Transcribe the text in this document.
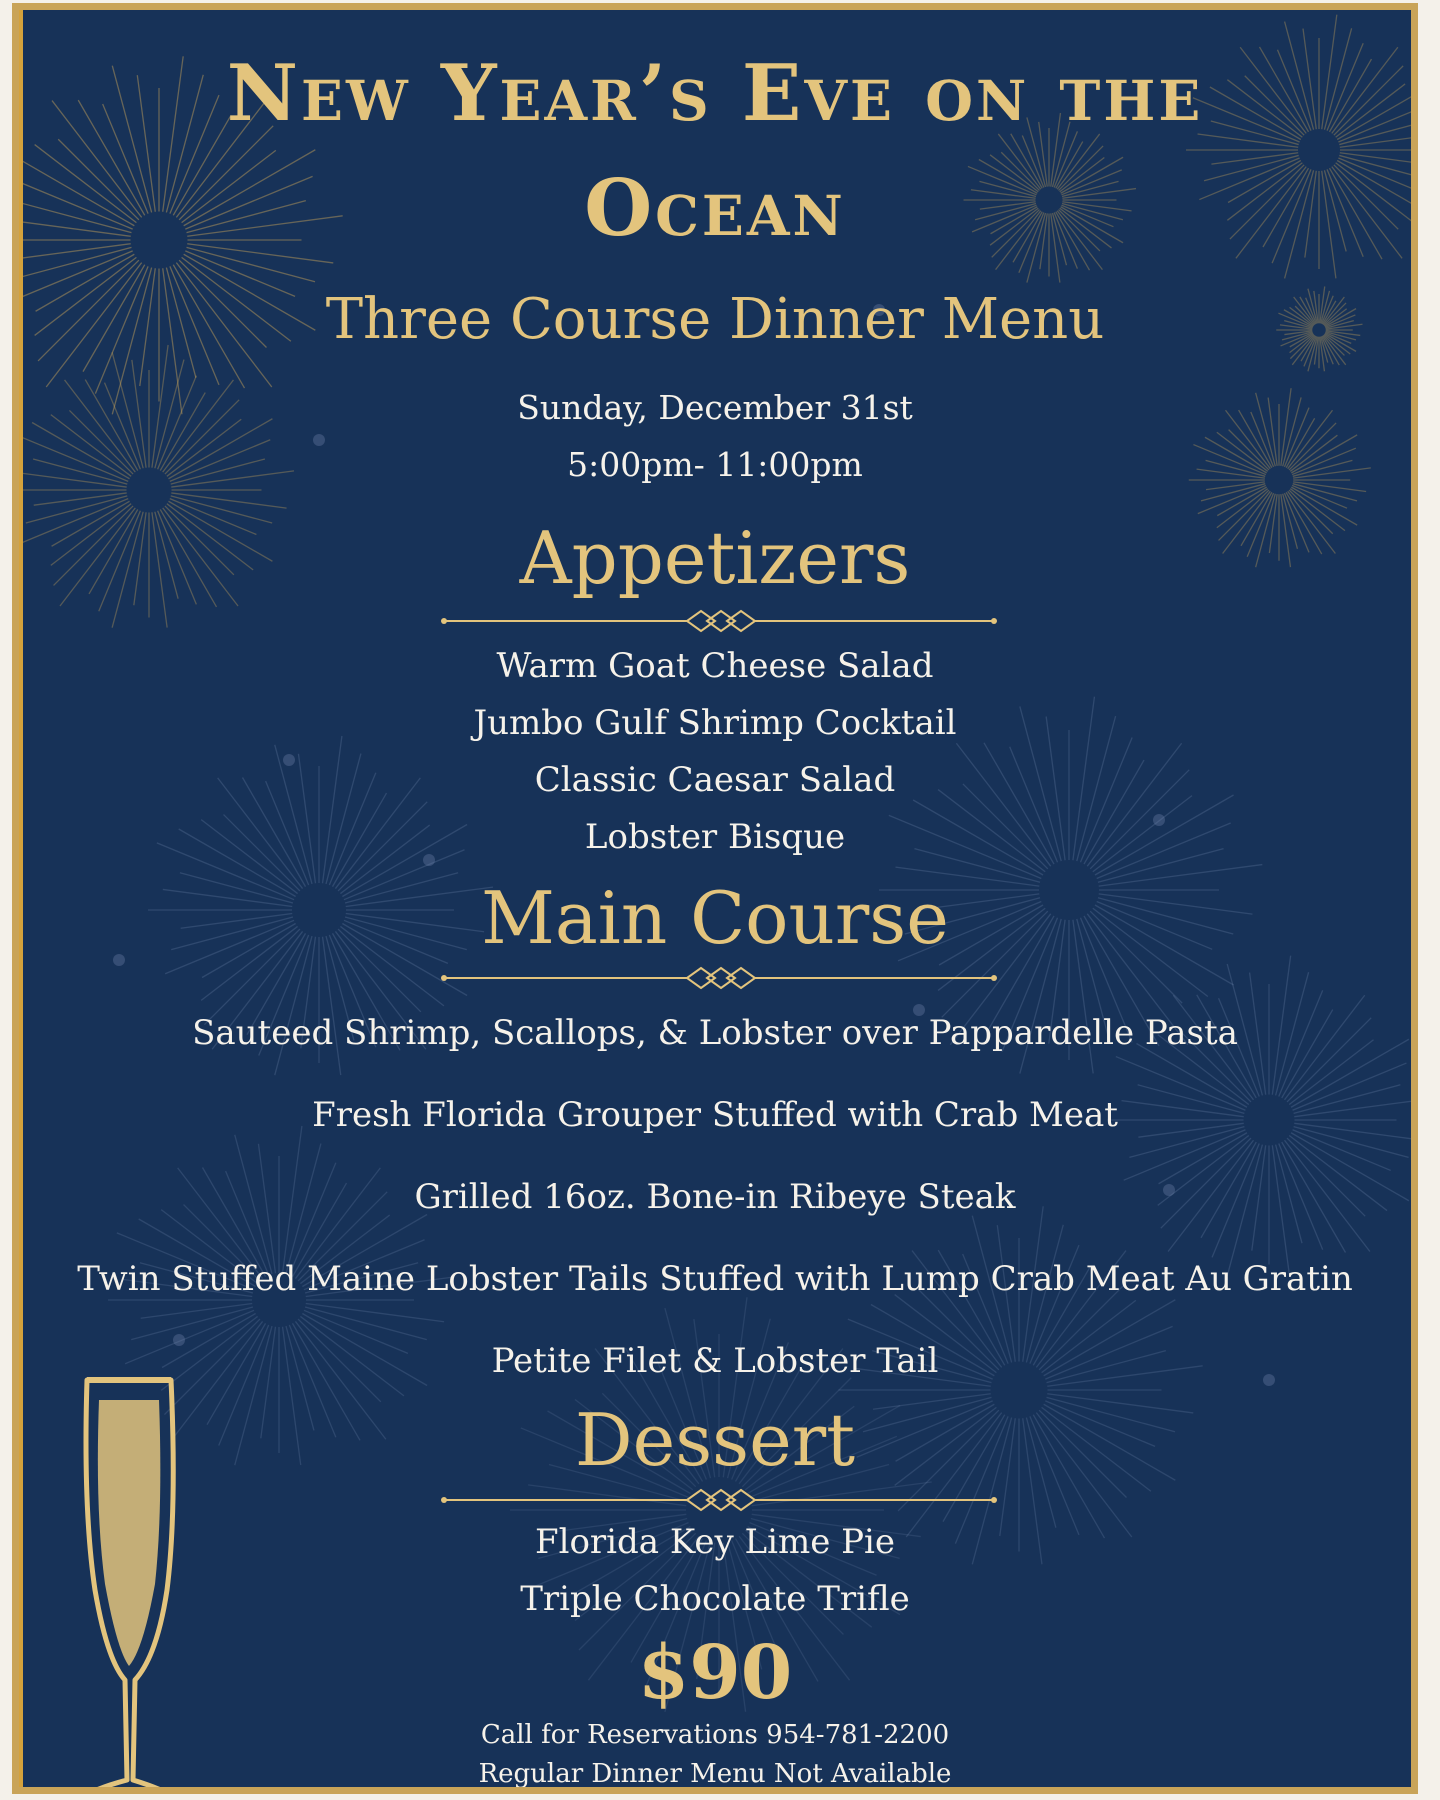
New Year’s Eve on the
Ocean
Three Course Dinner Menu
Sunday, December 31st
5:00pm- 11:00pm
Appetizers
Warm Goat Cheese Salad
Jumbo Gulf Shrimp Cocktail
Classic Caesar Salad
Lobster Bisque
Main Course
Sauteed Shrimp, Scallops, & Lobster over Pappardelle Pasta
Fresh Florida Grouper Stuffed with Crab Meat
Grilled 16oz. Bone-in Ribeye Steak
Twin Stuffed Maine Lobster Tails Stuffed with Lump Crab Meat Au Gratin
Petite Filet & Lobster Tail
Dessert
Florida Key Lime Pie
Triple Chocolate Trifle
$90
Call for Reservations 954-781-2200
Regular Dinner Menu Not Available
